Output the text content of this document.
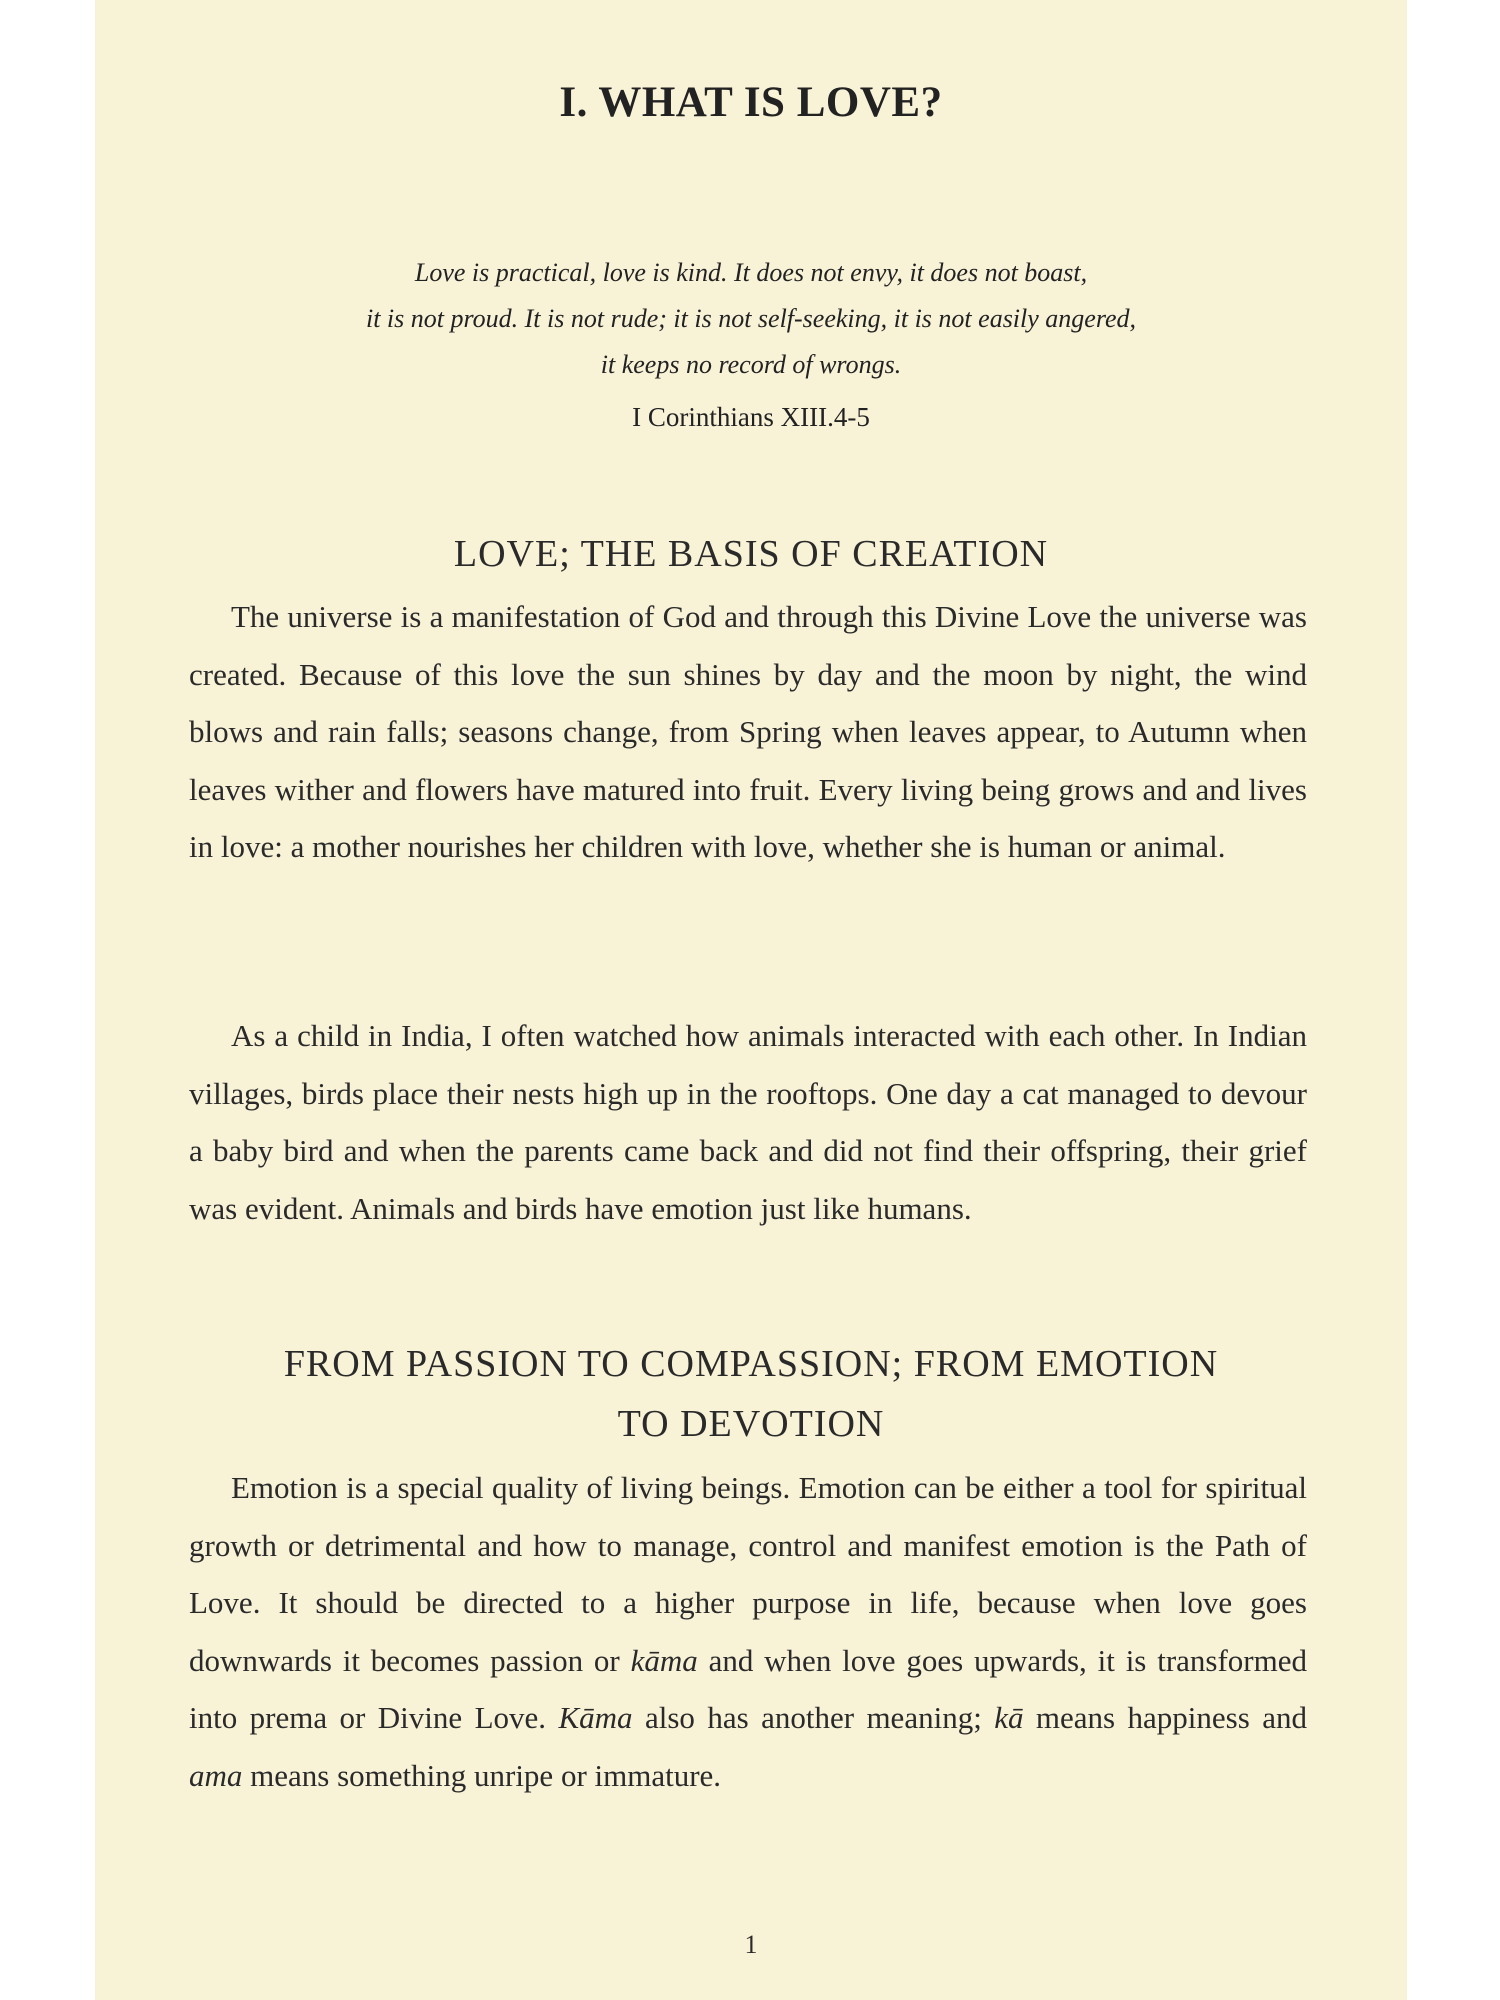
I. WHAT IS LOVE?
Love is practical, love is kind. It does not envy, it does not boast,
it is not proud. It is not rude; it is not self-seeking, it is not easily angered,
it keeps no record of wrongs.
I Corinthians XIII.4-5
LOVE; THE BASIS OF CREATION

The universe is a manifestation of God and through this Divine Love the universe was created. Because of this love the sun shines by day and the moon by night, the wind blows and rain falls; seasons change, from Spring when leaves appear, to Autumn when leaves wither and flowers have matured into fruit. Every living being grows and and lives in love: a mother nourishes her children with love, whether she is human or animal.

As a child in India, I often watched how animals interacted with each other. In Indian villages, birds place their nests high up in the rooftops. One day a cat managed to devour a baby bird and when the parents came back and did not find their offspring, their grief was evident. Animals and birds have emotion just like humans.

FROM PASSION TO COMPASSION; FROM EMOTION
TO DEVOTION

Emotion is a special quality of living beings. Emotion can be either a tool for spiritual growth or detrimental and how to manage, control and manifest emotion is the Path of Love. It should be directed to a higher purpose in life, because when love goes downwards it becomes passion or kāma and when love goes upwards, it is transformed into prema or Divine Love. Kāma also has another meaning; kā means happiness and ama means something unripe or immature.

1
